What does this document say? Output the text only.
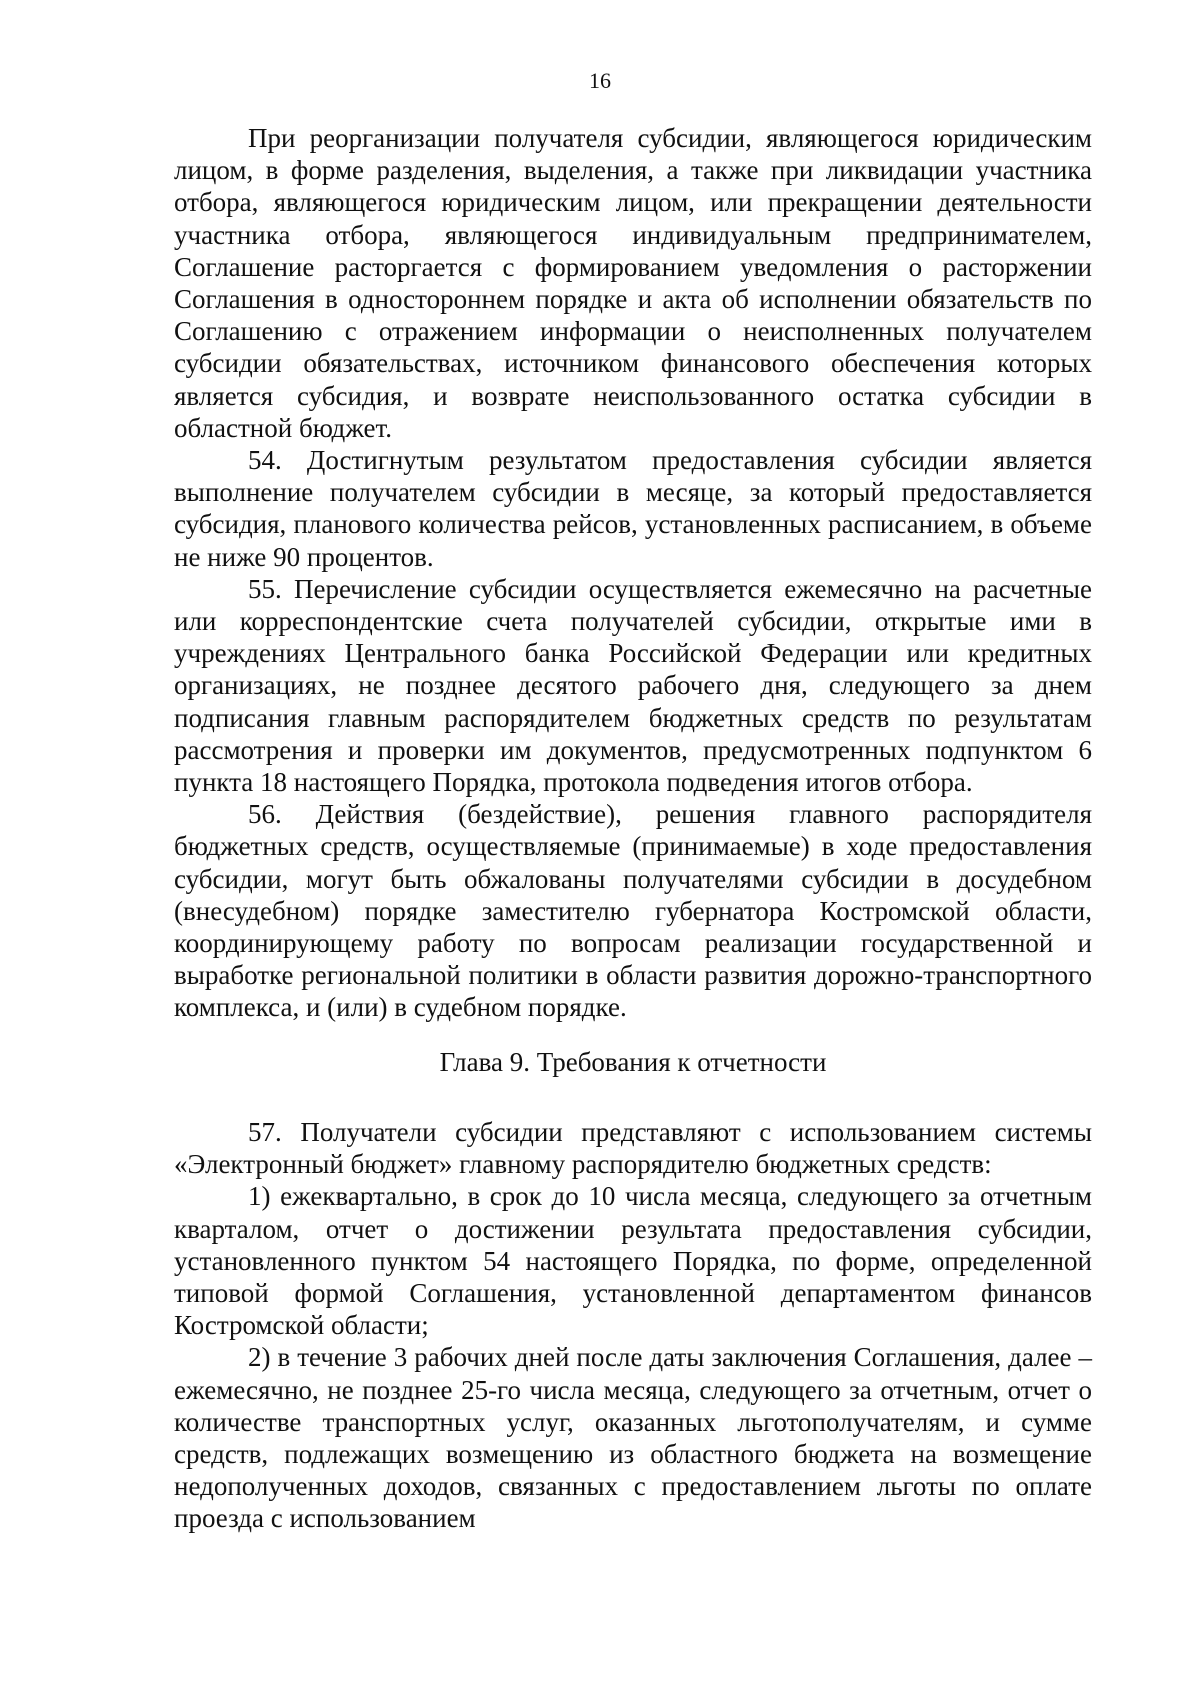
16

При реорганизации получателя субсидии, являющегося юридическим лицом, в форме разделения, выделения, а также при ликвидации участника отбора, являющегося юридическим лицом, или прекращении деятельности участника отбора, являющегося индивидуальным предпринимателем, Соглашение расторгается с формированием уведомления о расторжении Соглашения в одностороннем порядке и акта об исполнении обязательств по Соглашению с отражением информации о неисполненных получателем субсидии обязательствах, источником финансового обеспечения которых является субсидия, и возврате неиспользованного остатка субсидии в областной бюджет.

54. Достигнутым результатом предоставления субсидии является выполнение получателем субсидии в месяце, за который предоставляется субсидия, планового количества рейсов, установленных расписанием, в объеме не ниже 90 процентов.

55. Перечисление субсидии осуществляется ежемесячно на расчетные или корреспондентские счета получателей субсидии, открытые ими в учреждениях Центрального банка Российской Федерации или кредитных организациях, не позднее десятого рабочего дня, следующего за днем подписания главным распорядителем бюджетных средств по результатам рассмотрения и проверки им документов, предусмотренных подпунктом 6 пункта 18 настоящего Порядка, протокола подведения итогов отбора.

56. Действия (бездействие), решения главного распорядителя бюджетных средств, осуществляемые (принимаемые) в ходе предоставления субсидии, могут быть обжалованы получателями субсидии в досудебном (внесудебном) порядке заместителю губернатора Костромской области, координирующему работу по вопросам реализации государственной и выработке региональной политики в области развития дорожно-транспортного комплекса, и (или) в судебном порядке.

Глава 9. Требования к отчетности

57. Получатели субсидии представляют с использованием системы «Электронный бюджет» главному распорядителю бюджетных средств:

1) ежеквартально, в срок до 10 числа месяца, следующего за отчетным кварталом, отчет о достижении результата предоставления субсидии, установленного пунктом 54 настоящего Порядка, по форме, определенной типовой формой Соглашения, установленной департаментом финансов Костромской области;

2) в течение 3 рабочих дней после даты заключения Соглашения, далее – ежемесячно, не позднее 25-го числа месяца, следующего за отчетным, отчет о количестве транспортных услуг, оказанных льготополучателям, и сумме средств, подлежащих возмещению из областного бюджета на возмещение недополученных доходов, связанных с предоставлением льготы по оплате проезда с использованием
